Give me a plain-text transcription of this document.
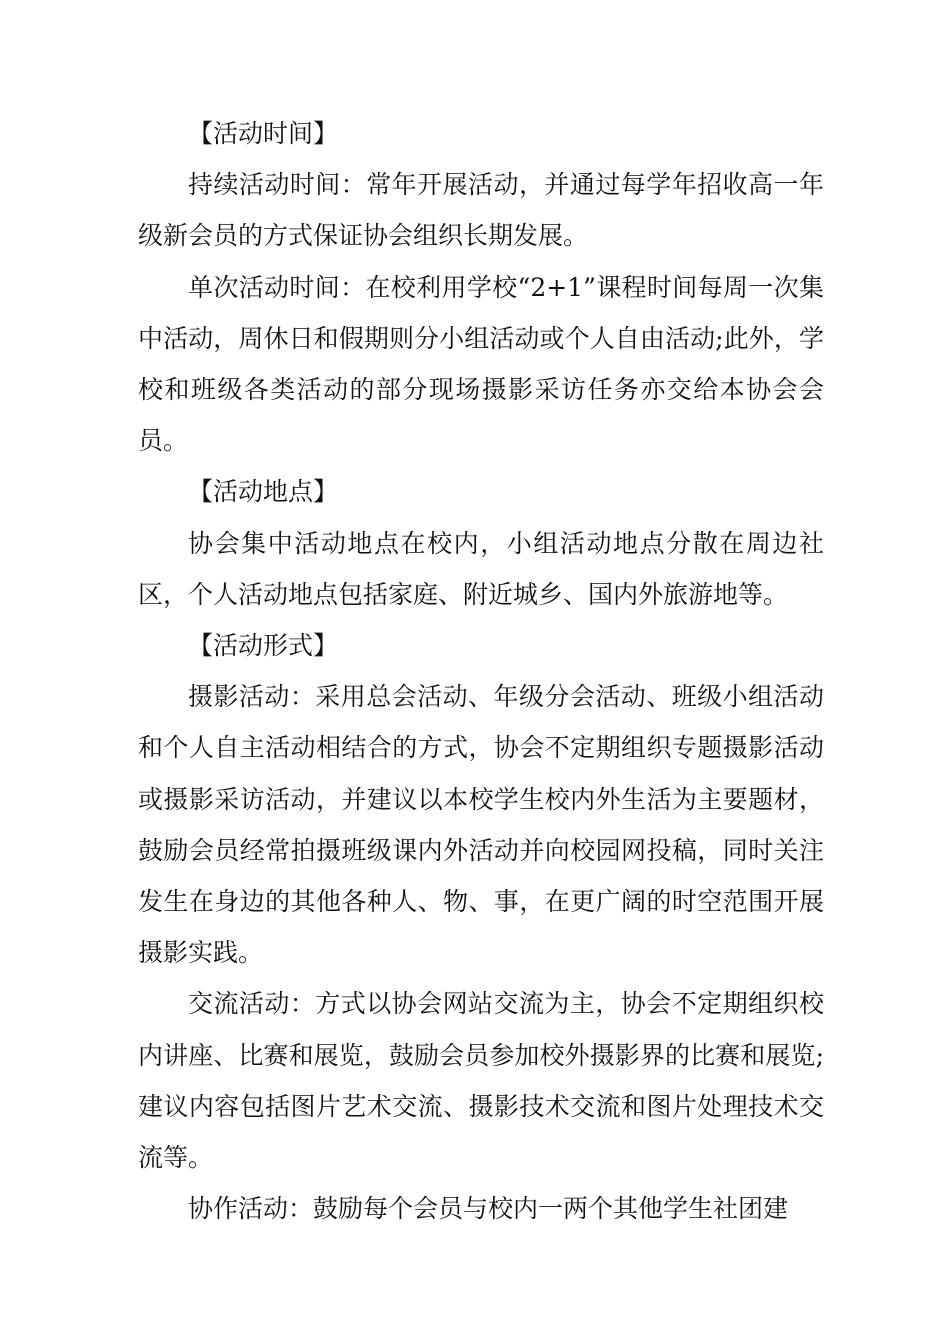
【活动时间】

持续活动时间：常年开展活动，并通过每学年招收高一年级新会员的方式保证协会组织长期发展。

单次活动时间：在校利用学校“2+1”课程时间每周一次集中活动，周休日和假期则分小组活动或个人自由活动;此外，学校和班级各类活动的部分现场摄影采访任务亦交给本协会会员。

【活动地点】

协会集中活动地点在校内，小组活动地点分散在周边社区，个人活动地点包括家庭、附近城乡、国内外旅游地等。

【活动形式】

摄影活动：采用总会活动、年级分会活动、班级小组活动和个人自主活动相结合的方式，协会不定期组织专题摄影活动或摄影采访活动，并建议以本校学生校内外生活为主要题材，鼓励会员经常拍摄班级课内外活动并向校园网投稿，同时关注发生在身边的其他各种人、物、事，在更广阔的时空范围开展摄影实践。

交流活动：方式以协会网站交流为主，协会不定期组织校内讲座、比赛和展览，鼓励会员参加校外摄影界的比赛和展览;建议内容包括图片艺术交流、摄影技术交流和图片处理技术交流等。

协作活动：鼓励每个会员与校内一两个其他学生社团建
